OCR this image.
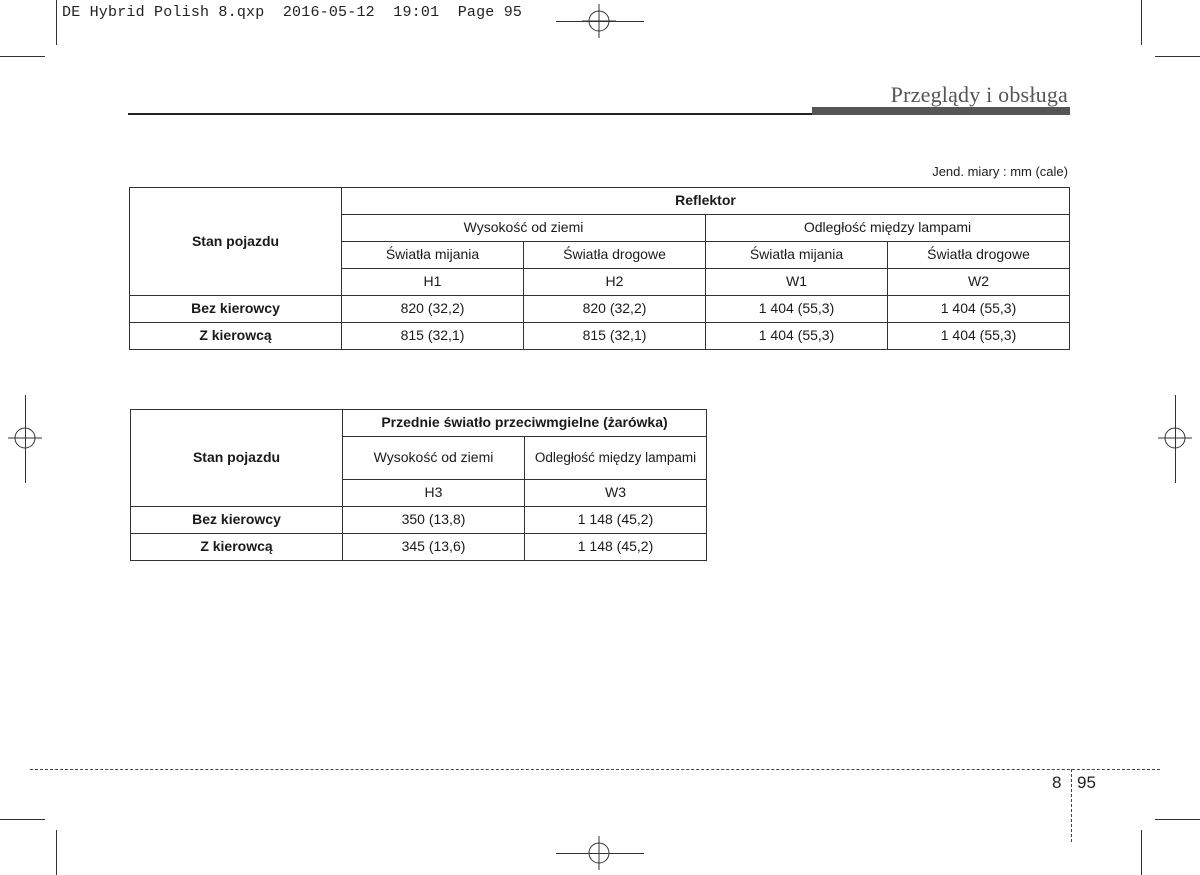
DE Hybrid Polish 8.qxp 2016-05-12 19:01 Page 95
Przeglądy i obsługa
Jend. miary : mm (cale)
Stan pojazdu	Reflektor			
	Wysokość od ziemi		Odległość między lampami	
	Światła mijania	Światła drogowe	Światła mijania	Światła drogowe
	H1	H2	W1	W2
Bez kierowcy	820 (32,2)	820 (32,2)	1 404 (55,3)	1 404 (55,3)
Z kierowcą	815 (32,1)	815 (32,1)	1 404 (55,3)	1 404 (55,3)
Stan pojazdu	Przednie światło przeciwmgielne (żarówka)	
	Wysokość od ziemi	Odległość między lampami
	H3	W3
Bez kierowcy	350 (13,8)	1 148 (45,2)
Z kierowcą	345 (13,6)	1 148 (45,2)
8 95
